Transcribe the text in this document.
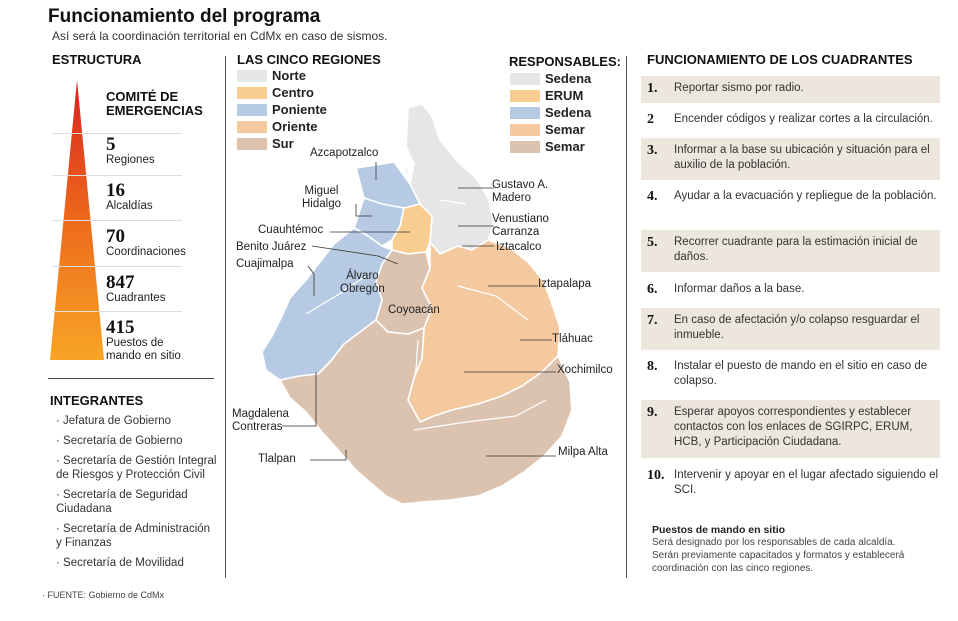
Funcionamiento del programa
Así será la coordinación territorial en CdMx en caso de sismos.
ESTRUCTURA
COMITÉ DE
EMERGENCIAS
5
Regiones
16
Alcaldías
70
Coordinaciones
847
Cuadrantes
415
Puestos de
mando en sitio
INTEGRANTES
· Jefatura de Gobierno
· Secretaría de Gobierno
· Secretaría de Gestión Integral
de Riesgos y Protección Civil
· Secretaría de Seguridad
Ciudadana
· Secretaría de Administración
y Finanzas
· Secretaría de Movilidad
· FUENTE: Gobierno de CdMx
LAS CINCO REGIONES
Norte
Centro
Poniente
Oriente
Sur
RESPONSABLES:
Sedena
ERUM
Sedena
Semar
Semar
Azcapotzalco
Gustavo A.
Madero
Miguel
Hidalgo
Venustiano
Carranza
Cuauhtémoc
Iztacalco
Benito Juárez
Cuajimalpa
Álvaro
Obregón	Iztapalapa
Coyoacán
Tláhuac
Xochimilco
Magdalena
Contreras
Milpa Alta
Tlalpan
FUNCIONAMIENTO DE LOS CUADRANTES
1.	Reportar sismo por radio.
2	Encender códigos y realizar cortes a la circulación.
3.	Informar a la base su ubicación y situación para el auxilio de la población.
4.	Ayudar a la evacuación y repliegue de la población.
5.	Recorrer cuadrante para la estimación inicial de daños.
6.	Informar daños a la base.
7.	En caso de afectación y/o colapso resguardar el inmueble.
8.	Instalar el puesto de mando en el sitio en caso de colapso.
9.	Esperar apoyos correspondientes y establecer contactos con los enlaces de SGIRPC, ERUM, HCB, y Participación Ciudadana.
10. Intervenir y apoyar en el lugar afectado siguiendo el SCI.
Puestos de mando en sitio
Será designado por los responsables de cada alcaldía.
Serán previamente capacitados y formatos y establecerá
coordinación con las cinco regiones.
